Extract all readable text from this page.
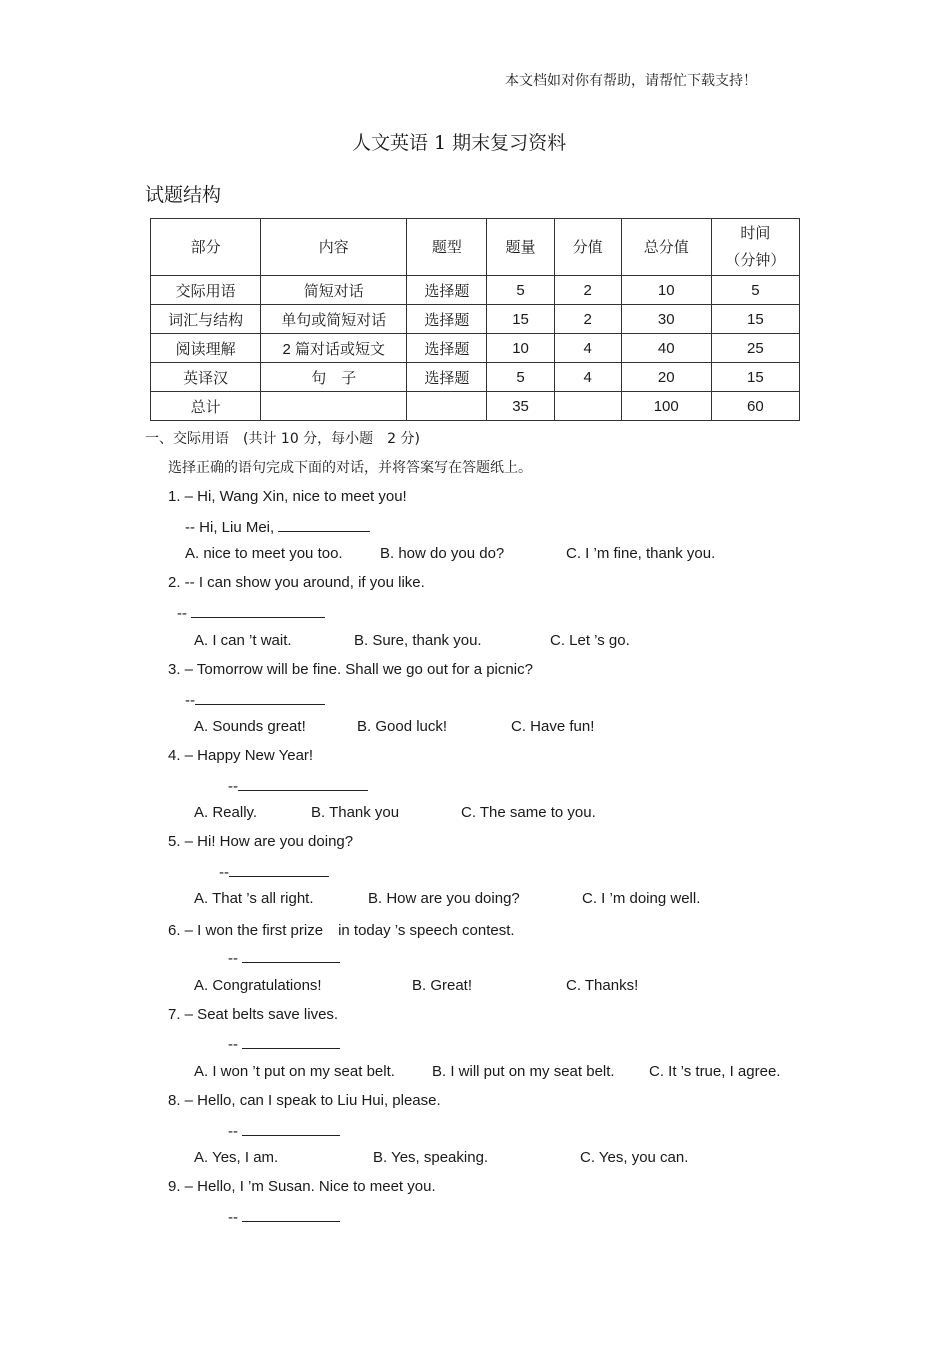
本文档如对你有帮助，请帮忙下载支持！
人文英语 1 期末复习资料
试题结构
部分	内容	题型	题量	分值	总分值	时间
（分钟）

交际用语	简短对话	选择题	5	2	10	5
词汇与结构	单句或简短对话	选择题	15	2	30	15
阅读理解	2 篇对话或短文	选择题	10	4	40	25
英译汉	句　子	选择题	5	4	20	15
总计			35		100	60
一、交际用语　(共计 10 分，每小题　2 分)
选择正确的语句完成下面的对话，并将答案写在答题纸上。
1. – Hi, Wang Xin, nice to meet you!
-- Hi, Liu Mei,
A. nice to meet you too. B. how do you do?	C. I ’m fine, thank you.
2. -- I can show you around, if you like.
--
A. I can ’t wait.	B. Sure, thank you.	C. Let ’s go.
3. – Tomorrow will be fine. Shall we go out for a picnic?
--
A. Sounds great!	B. Good luck!	C. Have fun!
4. – Happy New Year!
--
A. Really.	B. Thank you	C. The same to you.
5. – Hi! How are you doing?
--
A. That ’s all right.	B. How are you doing?	C. I ’m doing well.
6. – I won the first prize　in today ’s speech contest.
--
A. Congratulations!	B. Great!	C. Thanks!
7. – Seat belts save lives.
--
A. I won ’t put on my seat belt. B. I will put on my seat belt. C. It ’s true, I agree.
8. – Hello, can I speak to Liu Hui, please.
--
A. Yes, I am.	B. Yes, speaking.	C. Yes, you can.
9. – Hello, I ’m Susan. Nice to meet you.
--
